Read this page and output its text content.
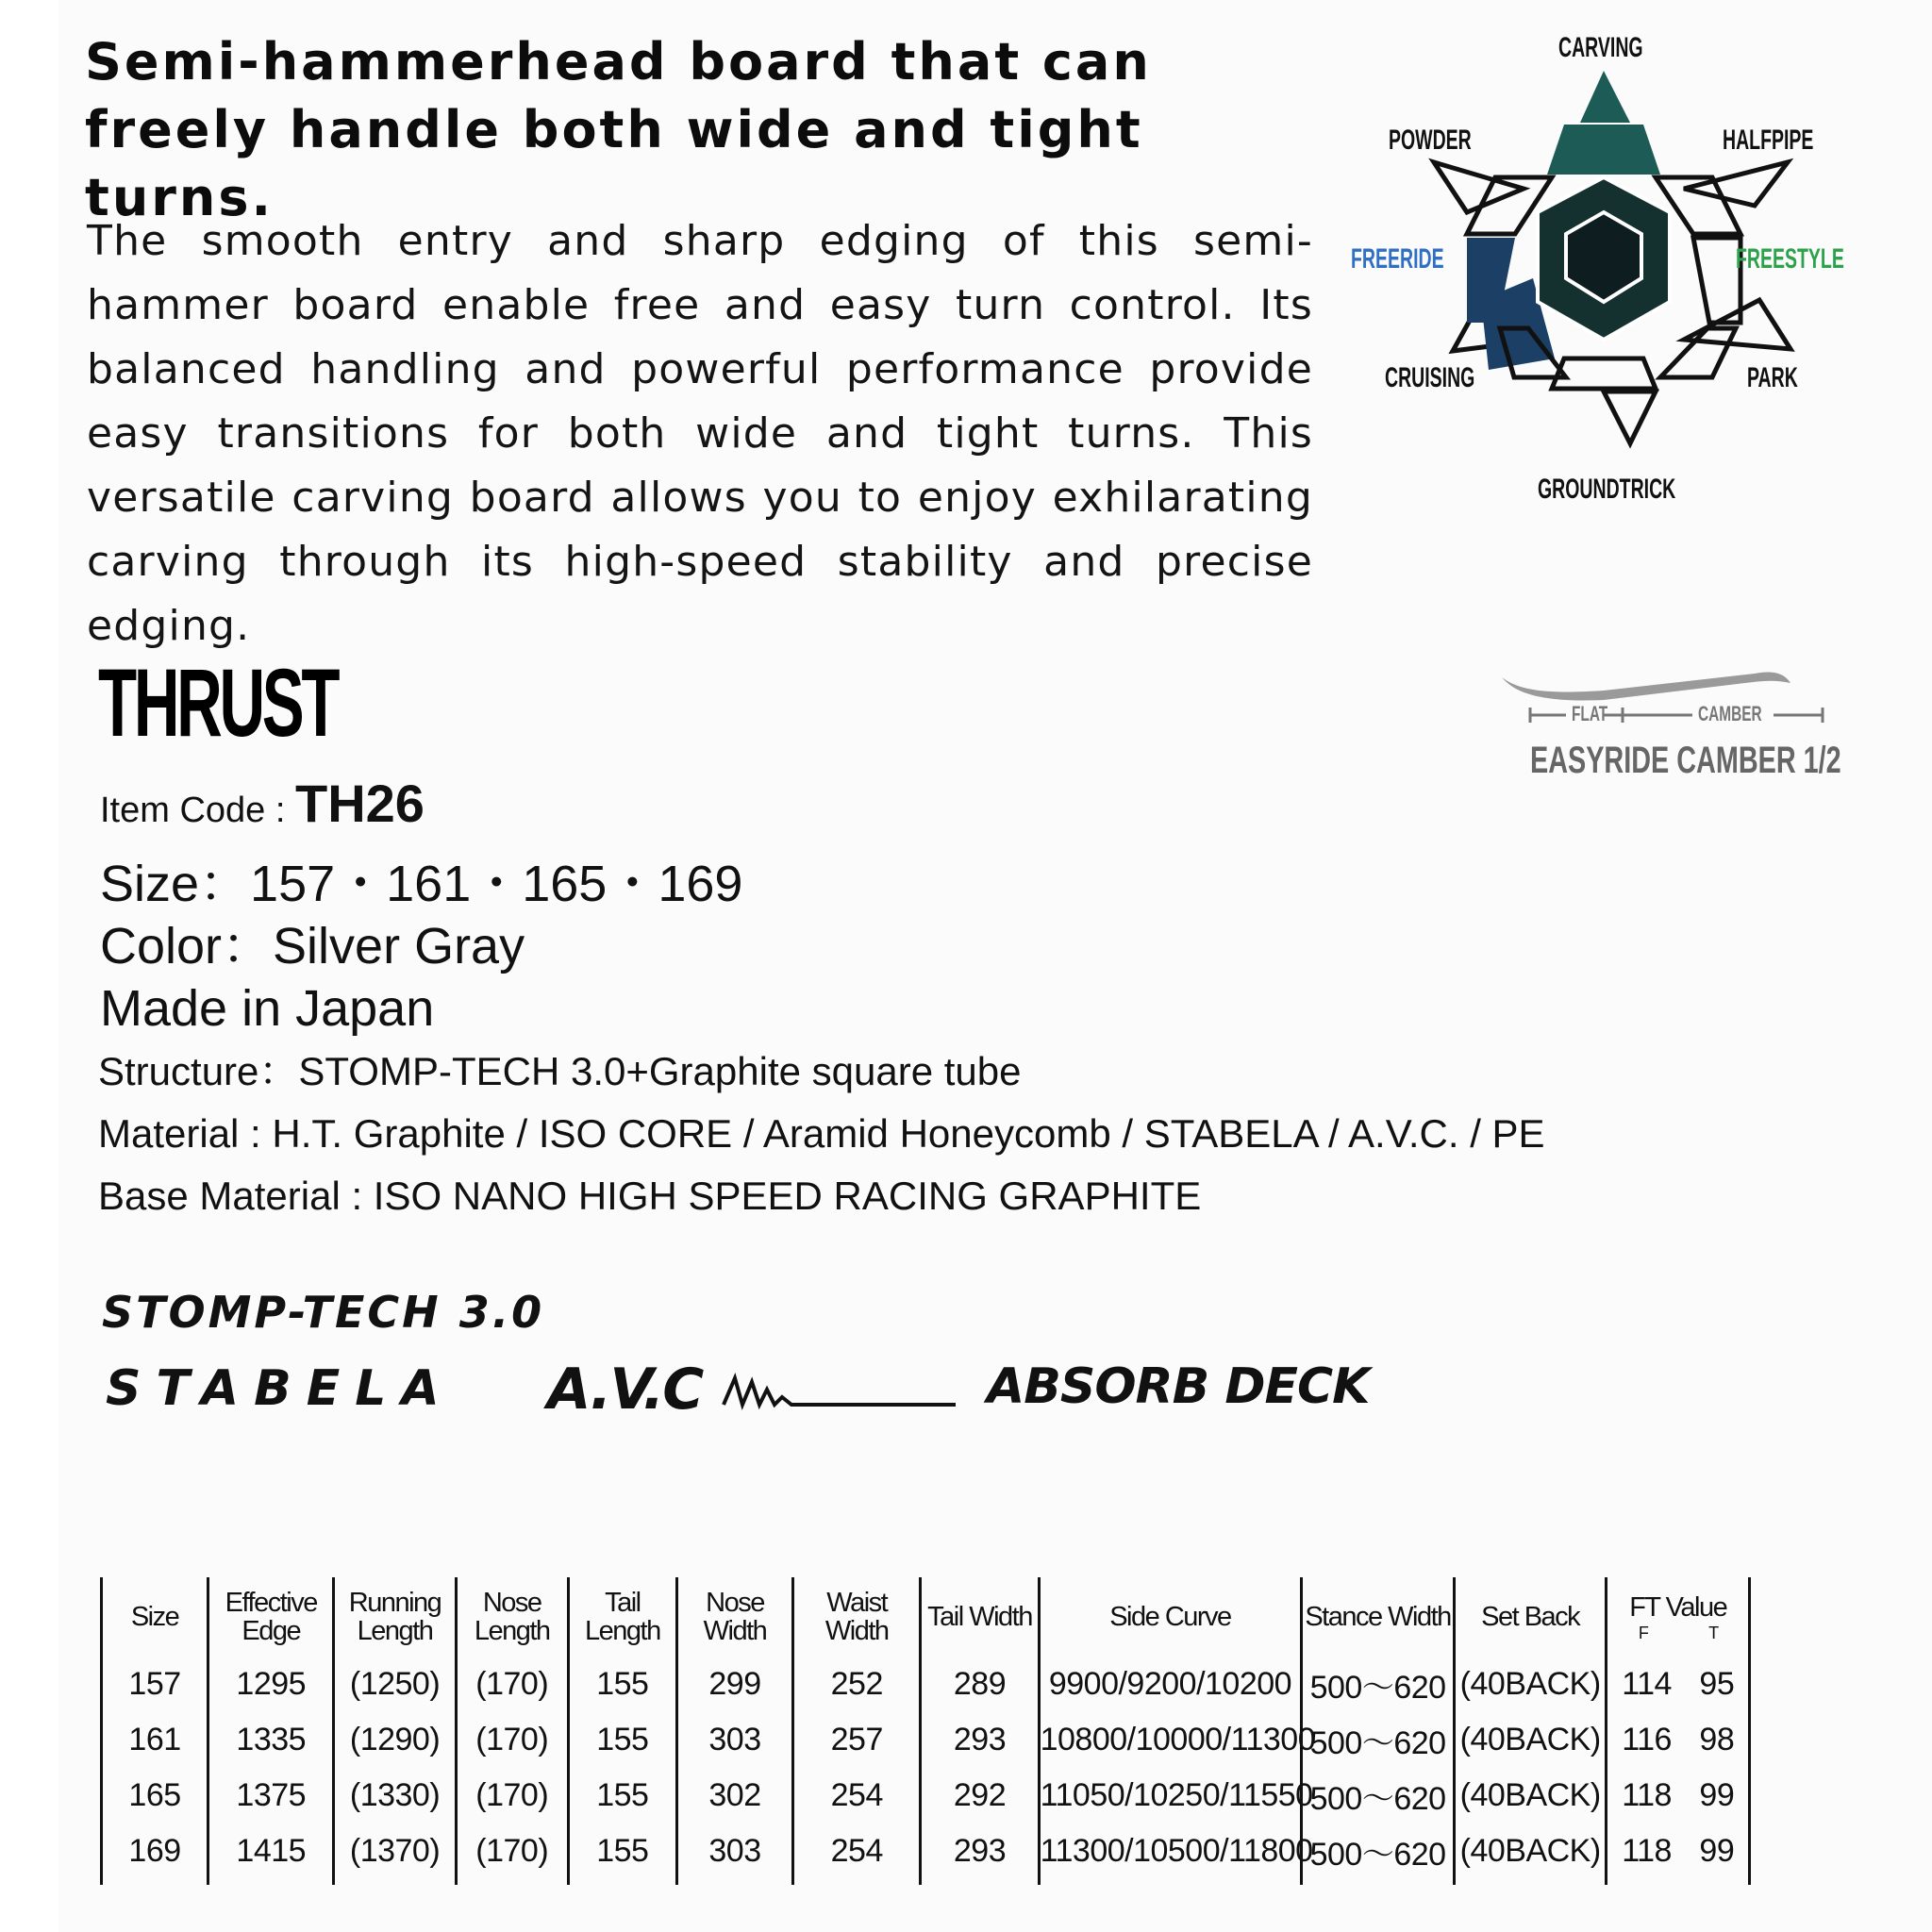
Semi-hammerhead board that can freely handle both wide and tight turns.

The smooth entry and sharp edging of this semi-hammer board enable free and easy turn control. Its balanced handling and powerful performance provide easy transitions for both wide and tight turns. This versatile carving board allows you to enjoy exhilarating carving through its high-speed stability and precise edging.

CARVING
HALFPIPE
FREESTYLE
PARK
GROUNDTRICK
CRUISING
FREERIDE
POWDER
THRUST
Item Code : TH26
Size：157・161・165・169
Color：Silver Gray
Made in Japan
Structure：STOMP-TECH 3.0+Graphite square tube
Material : H.T. Graphite / ISO CORE / Aramid Honeycomb / STABELA / A.V.C. / PE
Base Material : ISO NANO HIGH SPEED RACING GRAPHITE
FLAT	CAMBER
EASYRIDE CAMBER 1/2
STOMP-TECH 3.0
STABELA A.V.C	ABSORB DECK
Size	Effective Edge	Running Length	Nose Length	Tail Length	Nose Width	Waist Width	Tail Width	Side Curve	Stance Width	Set Back	FT Value
F T

157	1295	(1250)	(170)	155	299	252	289	9900/9200/10200	500～620	(40BACK)	114 95

161	1335	(1290)	(170)	155	303	257	293	10800/10000/11300	500～620	(40BACK)	116 98

165	1375	(1330)	(170)	155	302	254	292	11050/10250/11550	500～620	(40BACK)	118 99

169	1415	(1370)	(170)	155	303	254	293	11300/10500/11800	500～620	(40BACK)	118 99
